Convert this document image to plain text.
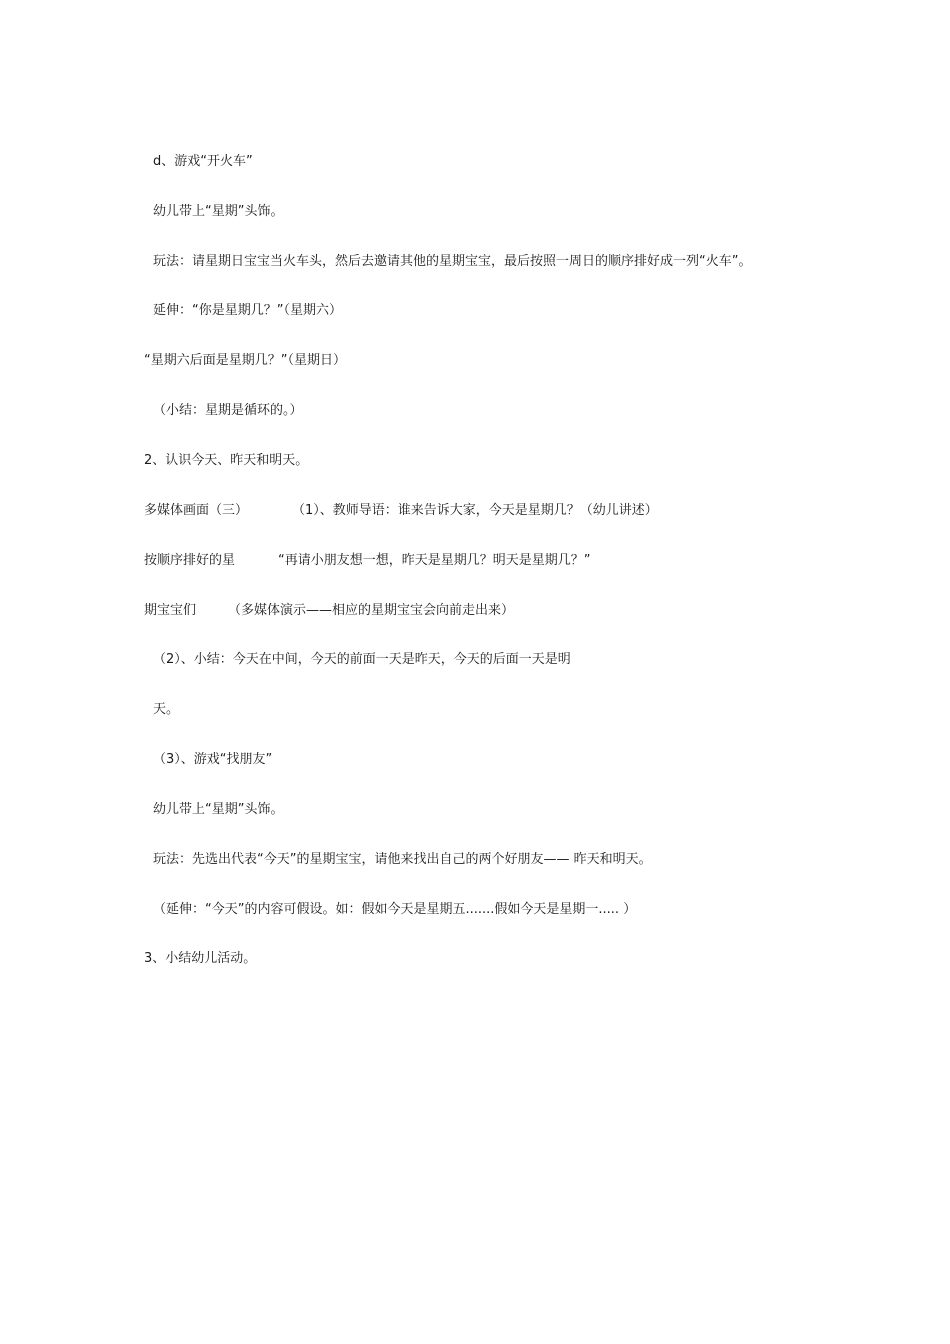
d、游戏“开火车”
幼儿带上“星期”头饰。
玩法：请星期日宝宝当火车头，然后去邀请其他的星期宝宝，最后按照一周日的顺序排好成一列“火车”。
延伸：“你是星期几？”（星期六）
“星期六后面是星期几？”（星期日）
（小结：星期是循环的。）
2、认识今天、昨天和明天。
多媒体画面（三）	（1）、教师导语：谁来告诉大家，今天是星期几？（幼儿讲述）
按顺序排好的星	“再请小朋友想一想，昨天是星期几？明天是星期几？”
期宝宝们 （多媒体演示——相应的星期宝宝会向前走出来）
（2）、小结：今天在中间，今天的前面一天是昨天，今天的后面一天是明
天。
（3）、游戏“找朋友”
幼儿带上“星期”头饰。
玩法：先选出代表“今天”的星期宝宝，请他来找出自己的两个好朋友—— 昨天和明天。
（延伸：“今天”的内容可假设。如：假如今天是星期五.......假如今天是星期一..... ）
3、小结幼儿活动。
